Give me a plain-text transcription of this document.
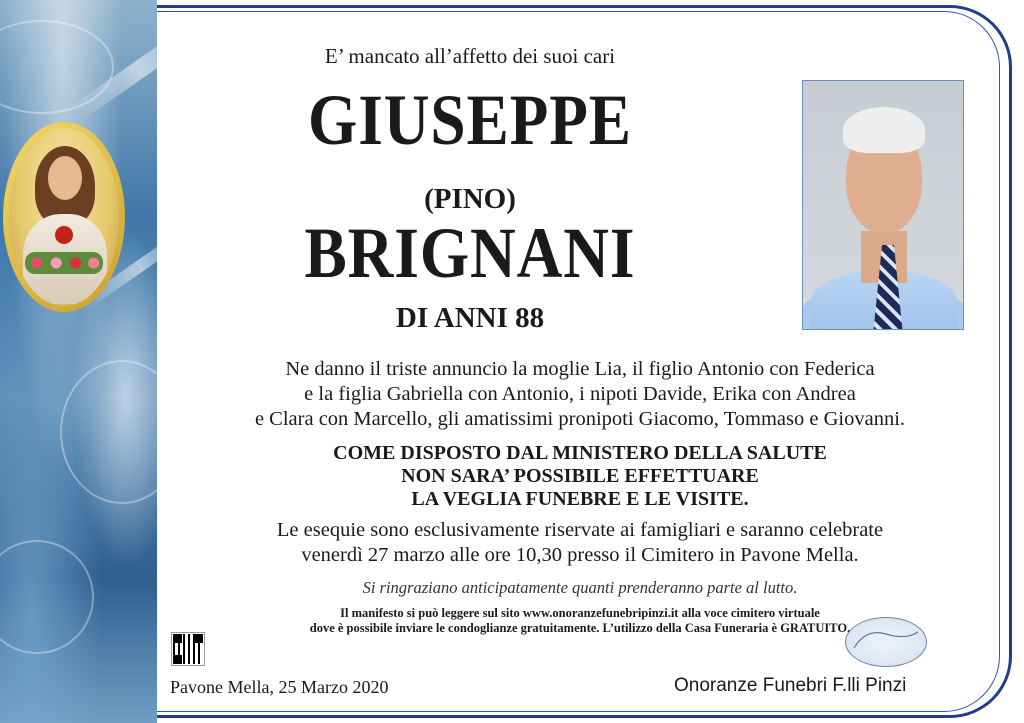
E’ mancato all’affetto dei suoi cari
GIUSEPPE
(PINO)
BRIGNANI
DI ANNI 88
Ne danno il triste annuncio la moglie Lia, il figlio Antonio con Federica
e la figlia Gabriella con Antonio, i nipoti Davide, Erika con Andrea
e Clara con Marcello, gli amatissimi pronipoti Giacomo, Tommaso e Giovanni.
COME DISPOSTO DAL MINISTERO DELLA SALUTE
NON SARA’ POSSIBILE EFFETTUARE
LA VEGLIA FUNEBRE E LE VISITE.
Le esequie sono esclusivamente riservate ai famigliari e saranno celebrate
venerdì 27 marzo alle ore 10,30 presso il Cimitero in Pavone Mella.
Si ringraziano anticipatamente quanti prenderanno parte al lutto.
Il manifesto si può leggere sul sito www.onoranzefunebripinzi.it alla voce cimitero virtuale
dove è possibile inviare le condoglianze gratuitamente. L’utilizzo della Casa Funeraria è GRATUITO.
Pavone Mella, 25 Marzo 2020	Onoranze Funebri F.lli Pinzi
